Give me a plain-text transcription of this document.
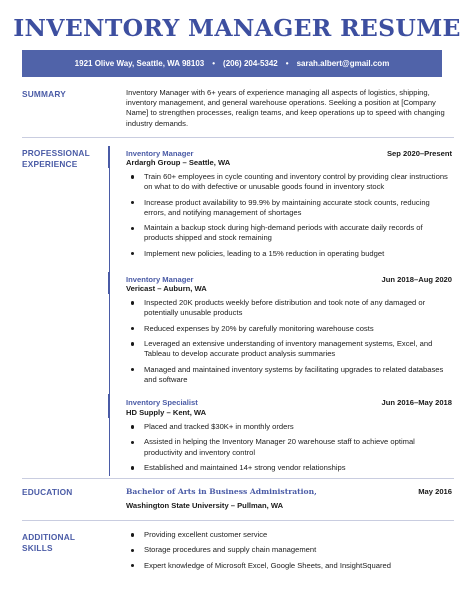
INVENTORY MANAGER RESUME
1921 Olive Way, Seattle, WA 98103 • (206) 204-5342 • sarah.albert@gmail.com
SUMMARY	Inventory Manager with 6+ years of experience managing all aspects of logistics, shipping, inventory management, and general warehouse operations. Seeking a position at [Company Name] to strengthen processes, realign teams, and keep operations up to speed with changing industry demands.
PROFESSIONAL
EXPERIENCE
Inventory Manager	Sep 2020–Present
Ardargh Group – Seattle, WA
Train 60+ employees in cycle counting and inventory control by providing clear instructions on what to do with defective or unusable goods found in inventory stock
Increase product availability to 99.9% by maintaining accurate stock counts, reducing errors, and notifying management of shortages
Maintain a backup stock during high-demand periods with accurate daily records of products shipped and stock remaining
Implement new policies, leading to a 15% reduction in operating budget
Inventory Manager	Jun 2018–Aug 2020
Vericast – Auburn, WA
Inspected 20K products weekly before distribution and took note of any damaged or potentially unusable products
Reduced expenses by 20% by carefully monitoring warehouse costs
Leveraged an extensive understanding of inventory management systems, Excel, and Tableau to develop accurate product analysis summaries
Managed and maintained inventory systems by facilitating upgrades to related databases and software
Inventory Specialist	Jun 2016–May 2018
HD Supply – Kent, WA
Placed and tracked $30K+ in monthly orders
Assisted in helping the Inventory Manager 20 warehouse staff to achieve optimal productivity and inventory control
Established and maintained 14+ strong vendor relationships
EDUCATION	Bachelor of Arts in Business Administration,	May 2016
Washington State University – Pullman, WA
ADDITIONAL
SKILLS
Providing excellent customer service
Storage procedures and supply chain management
Expert knowledge of Microsoft Excel, Google Sheets, and InsightSquared
